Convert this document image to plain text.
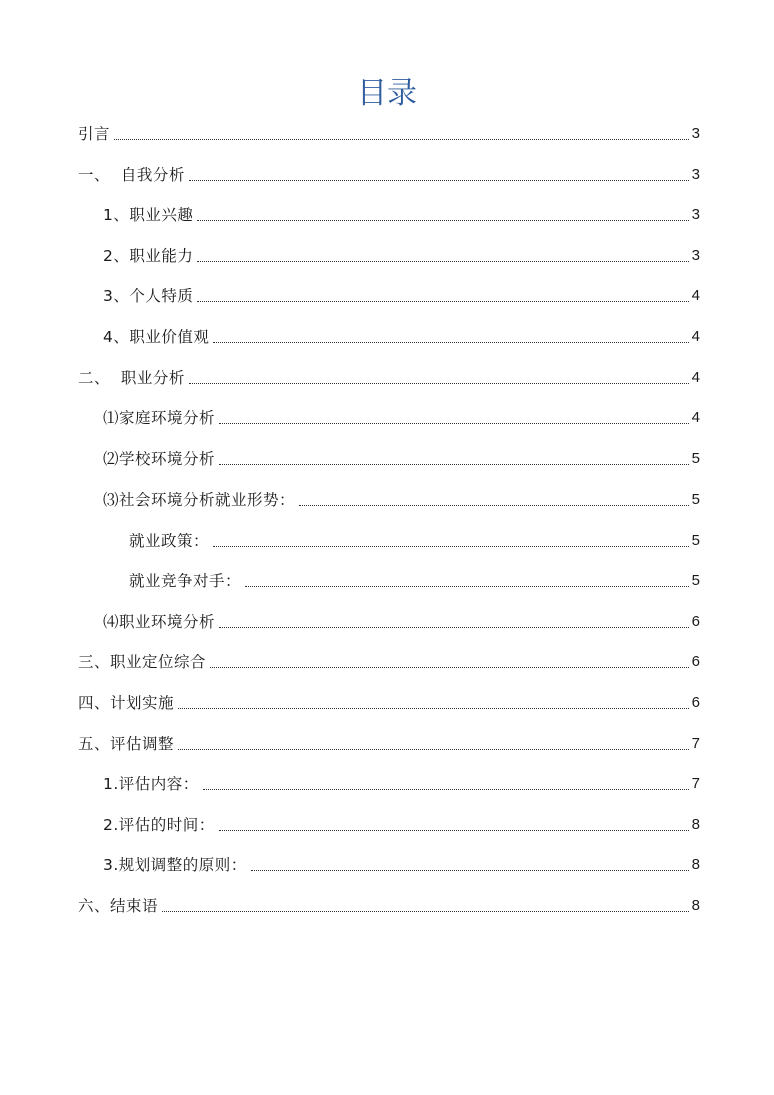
目录
引言	3
一、  自我分析	3
1、职业兴趣	3
2、职业能力	3
3、个人特质	4
4、职业价值观	4
二、  职业分析	4
⑴家庭环境分析	4
⑵学校环境分析	5
⑶社会环境分析就业形势：	5
就业政策：	5
就业竞争对手：	5
⑷职业环境分析	6
三、职业定位综合	6
四、计划实施	6
五、评估调整	7
1.评估内容：	7
2.评估的时间：	8
3.规划调整的原则：	8
六、结束语	8
